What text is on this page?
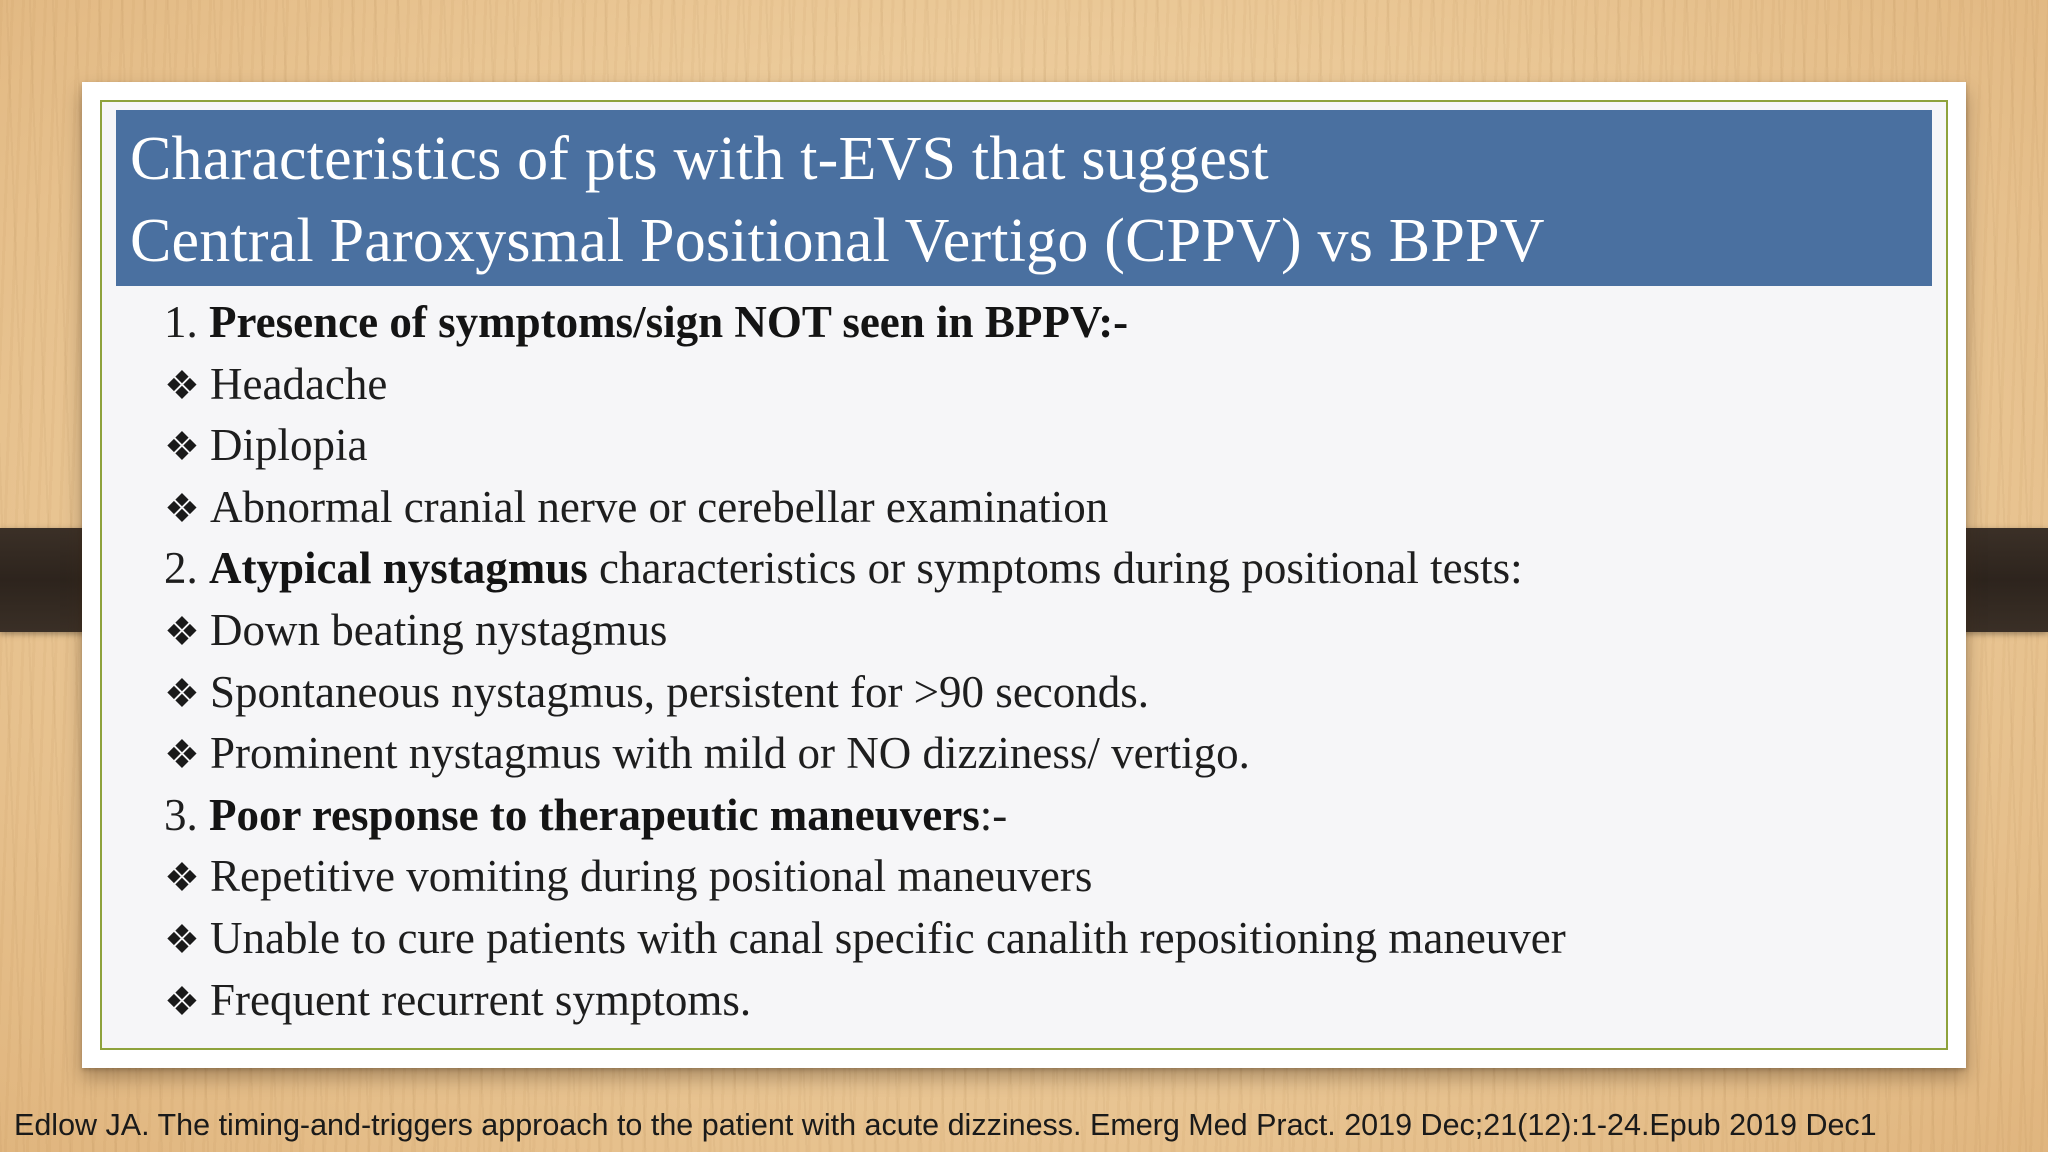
Characteristics of pts with t-EVS that suggest
Central Paroxysmal Positional Vertigo (CPPV) vs BPPV
1. Presence of symptoms/sign NOT seen in BPPV:-
❖ Headache
❖ Diplopia
❖ Abnormal cranial nerve or cerebellar examination
2. Atypical nystagmus characteristics or symptoms during positional tests:
❖ Down beating nystagmus
❖ Spontaneous nystagmus, persistent for >90 seconds.
❖ Prominent nystagmus with mild or NO dizziness/ vertigo.
3. Poor response to therapeutic maneuvers:-
❖ Repetitive vomiting during positional maneuvers
❖ Unable to cure patients with canal specific canalith repositioning maneuver
❖ Frequent recurrent symptoms.
Edlow JA. The timing-and-triggers approach to the patient with acute dizziness. Emerg Med Pract. 2019 Dec;21(12):1-24.Epub 2019 Dec1
